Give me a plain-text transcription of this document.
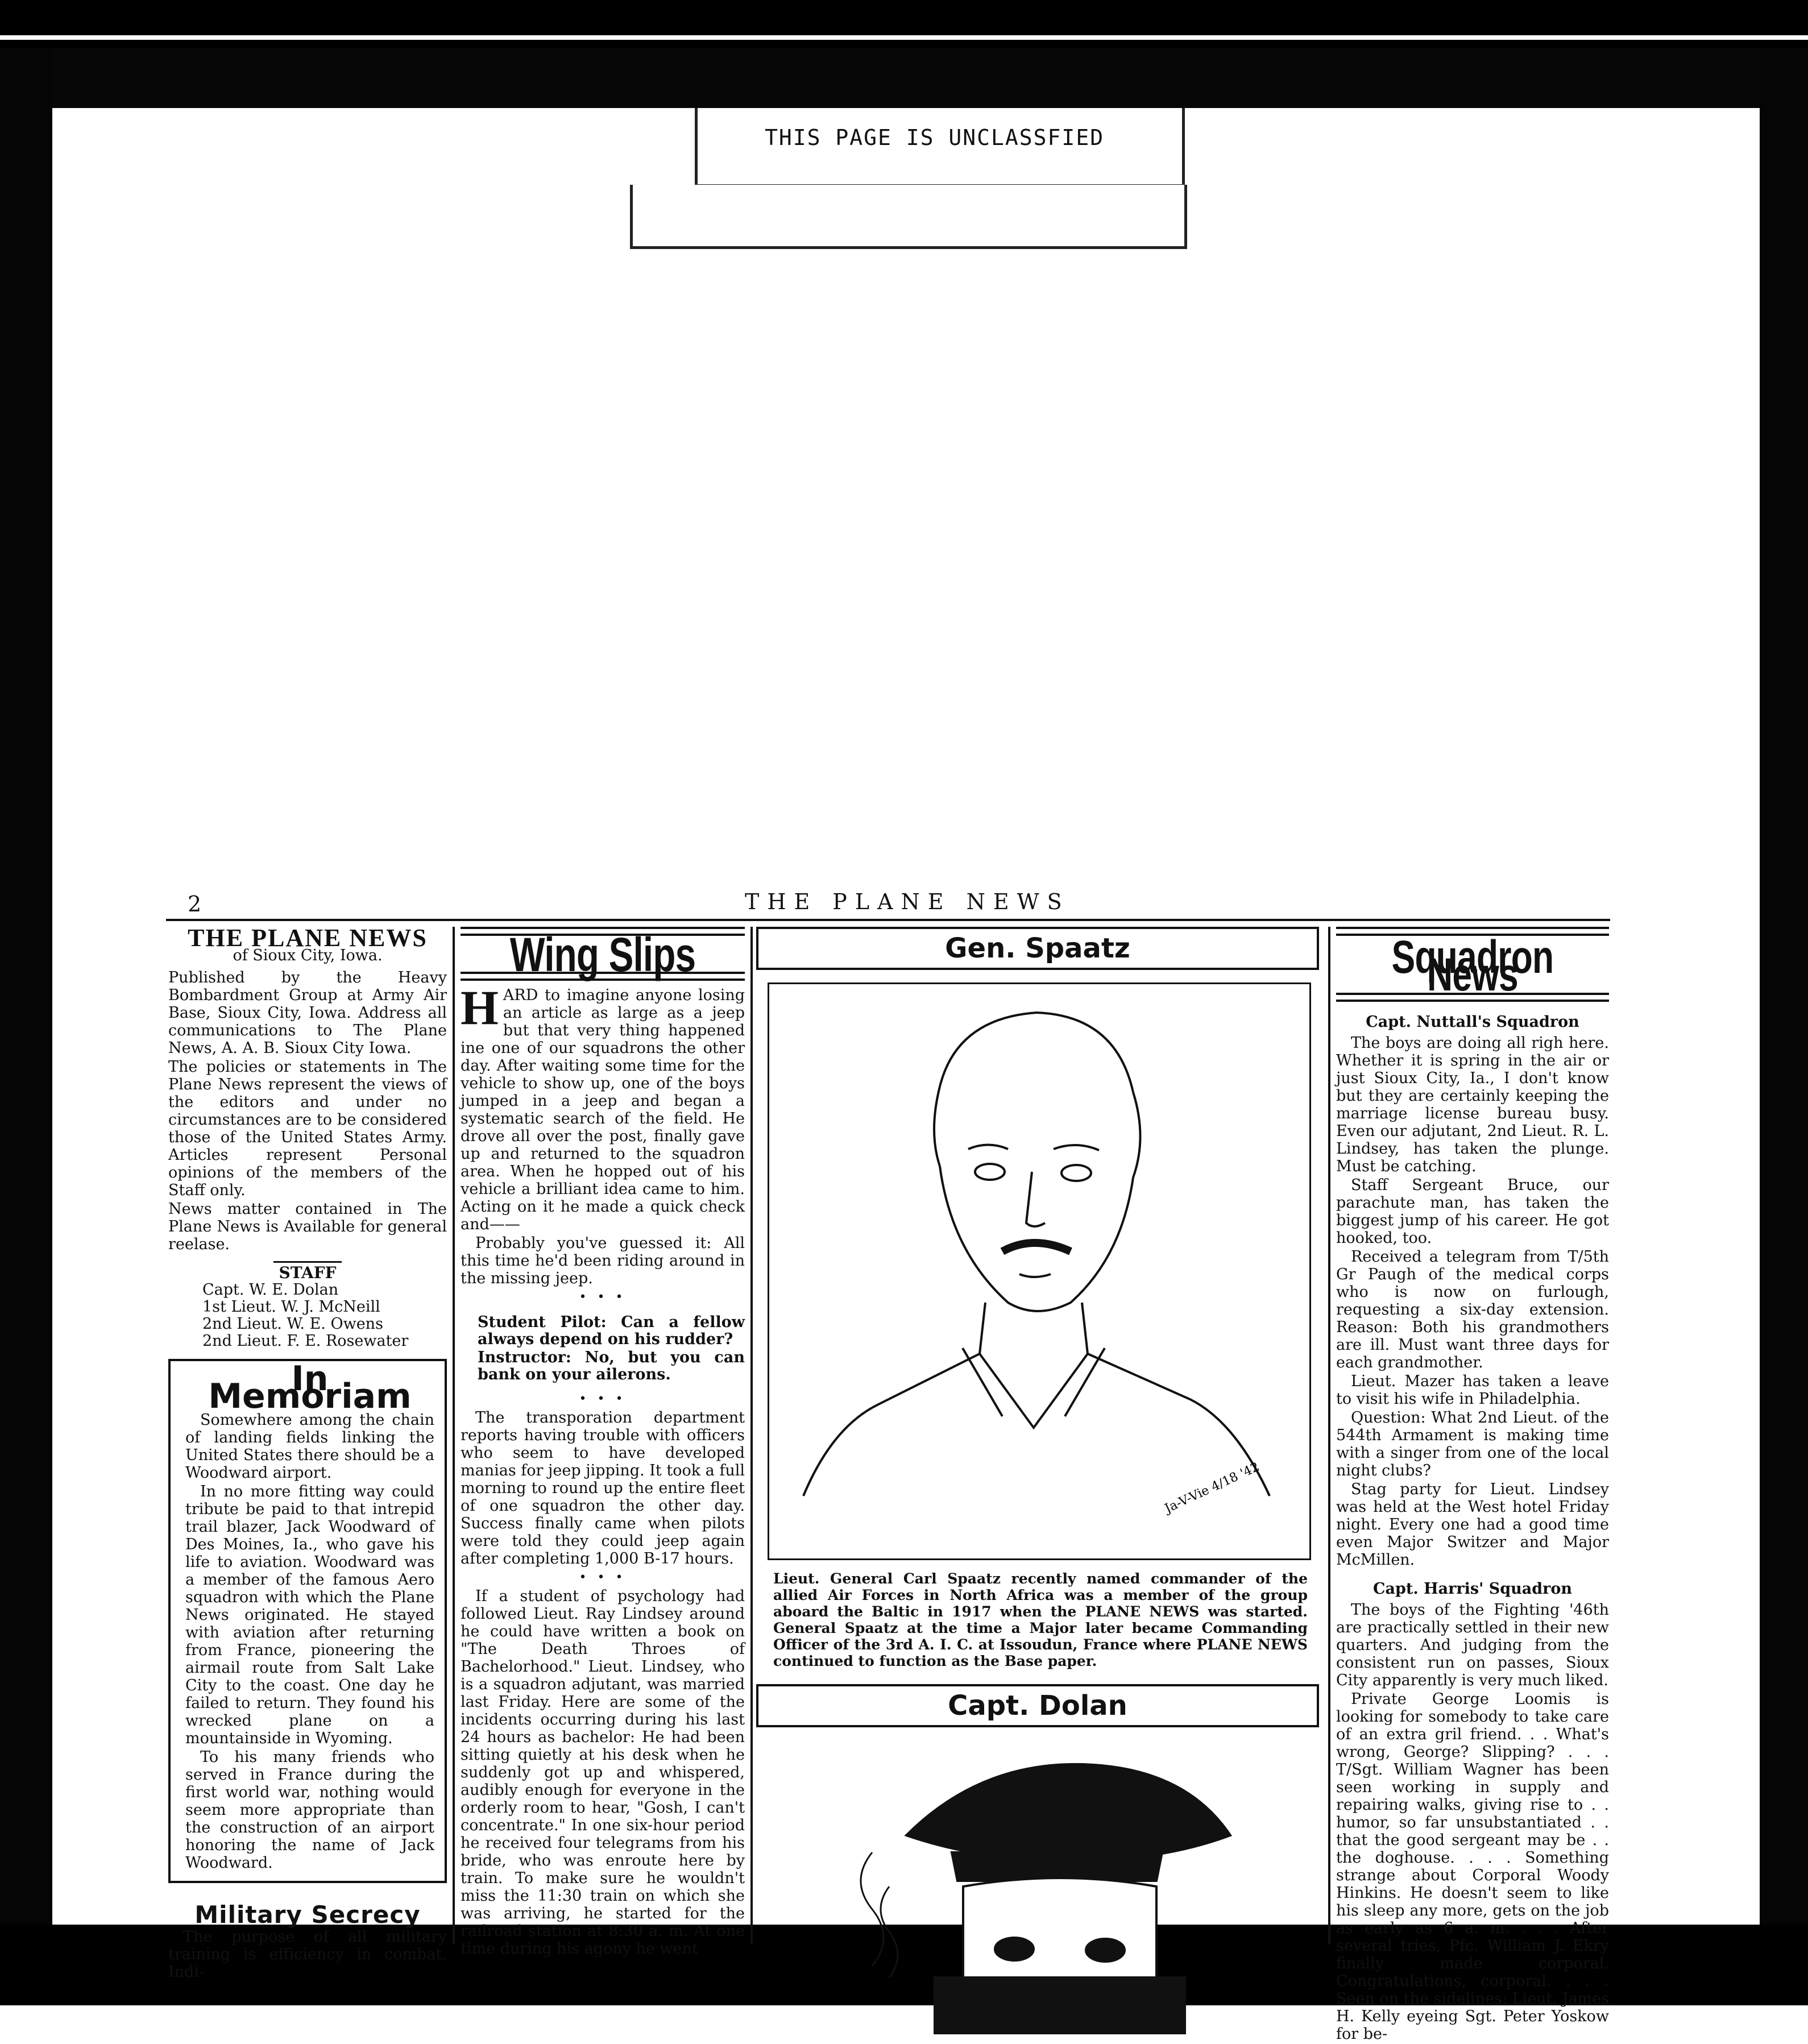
THIS PAGE IS UNCLASSFIED
2	THE PLANE NEWS
THE PLANE NEWS
of Sioux City, Iowa.

Published by the Heavy Bombardment Group at Army Air Base, Sioux City, Iowa. Address all communications to The Plane News, A. A. B. Sioux City Iowa.

The policies or statements in The Plane News represent the views of the editors and under no circumstances are to be considered those of the United States Army. Articles represent Personal opinions of the members of the Staff only.

News matter contained in The Plane News is Available for general reelase.

STAFF
Capt. W. E. Dolan
1st Lieut. W. J. McNeill
2nd Lieut. W. E. Owens
2nd Lieut. F. E. Rosewater
In Memoriam

Somewhere among the chain of landing fields linking the United States there should be a Woodward airport.

In no more fitting way could tribute be paid to that intrepid trail blazer, Jack Woodward of Des Moines, Ia., who gave his life to aviation. Woodward was a member of the famous Aero squadron with which the Plane News originated. He stayed with aviation after returning from France, pioneering the airmail route from Salt Lake City to the coast. One day he failed to return. They found his wrecked plane on a mountainside in Wyoming.

To his many friends who served in France during the first world war, nothing would seem more appropriate than the construction of an airport honoring the name of Jack Woodward.

Military Secrecy

The purpose of all military training is efficiency in combat. Indi-

Wing Slips
H ARD to imagine anyone losing an article as large as a jeep but that very thing happened ine one of our squadrons the other day. After waiting some time for the vehicle to show up, one of the boys jumped in a jeep and began a systematic search of the field. He drove all over the post, finally gave up and returned to the squadron area. When he hopped out of his vehicle a brilliant idea came to him. Acting on it he made a quick check and——

Probably you've guessed it: All this time he'd been riding around in the missing jeep.

• • •
Student Pilot: Can a fellow always depend on his rudder?
Instructor: No, but you can bank on your ailerons.
• • •

The transporation department reports having trouble with officers who seem to have developed manias for jeep jipping. It took a full morning to round up the entire fleet of one squadron the other day. Success finally came when pilots were told they could jeep again after completing 1,000 B-17 hours.

• • •

If a student of psychology had followed Lieut. Ray Lindsey around he could have written a book on "The Death Throes of Bachelorhood." Lieut. Lindsey, who is a squadron adjutant, was married last Friday. Here are some of the incidents occurring during his last 24 hours as bachelor: He had been sitting quietly at his desk when he suddenly got up and whispered, audibly enough for everyone in the orderly room to hear, "Gosh, I can't concentrate." In one six-hour period he received four telegrams from his bride, who was enroute here by train. To make sure he wouldn't miss the 11:30 train on which she was arriving, he started for the railroad station at 8:30 a. m. At one time during his agony he went

Gen. Spaatz
Ja-V-Vie 4/18 '42
Lieut. General Carl Spaatz recently named commander of the allied Air Forces in North Africa was a member of the group aboard the Baltic in 1917 when the PLANE NEWS was started. General Spaatz at the time a Major later became Commanding Officer of the 3rd A. I. C. at Issoudun, France where PLANE NEWS continued to function as the Base paper.
Capt. Dolan
Squadron News
Capt. Nuttall's Squadron

The boys are doing all righ here. Whether it is spring in the air or just Sioux City, Ia., I don't know but they are certainly keeping the marriage license bureau busy. Even our adjutant, 2nd Lieut. R. L. Lindsey, has taken the plunge. Must be catching.

Staff Sergeant Bruce, our parachute man, has taken the biggest jump of his career. He got hooked, too.

Received a telegram from T/5th Gr Paugh of the medical corps who is now on furlough, requesting a six-day extension. Reason: Both his grandmothers are ill. Must want three days for each grandmother.

Lieut. Mazer has taken a leave to visit his wife in Philadelphia.

Question: What 2nd Lieut. of the 544th Armament is making time with a singer from one of the local night clubs?

Stag party for Lieut. Lindsey was held at the West hotel Friday night. Every one had a good time even Major Switzer and Major McMillen.

Capt. Harris' Squadron

The boys of the Fighting '46th are practically settled in their new quarters. And judging from the consistent run on passes, Sioux City apparently is very much liked.

Private George Loomis is looking for somebody to take care of an extra gril friend. . . What's wrong, George? Slipping? . . . T/Sgt. William Wagner has been seen working in supply and repairing walks, giving rise to . . humor, so far unsubstantiated . . that the good sergeant may be . . the doghouse. . . . Something strange about Corporal Woody Hinkins. He doesn't seem to like his sleep any more, gets on the job as early as 6 a. m. . . . After several tries, Pfc. William J. Ekry finally made corporal. Congratulations, corporal. . . . Seen on the sidelines: Lieut. James H. Kelly eyeing Sgt. Peter Yoskow for be-
